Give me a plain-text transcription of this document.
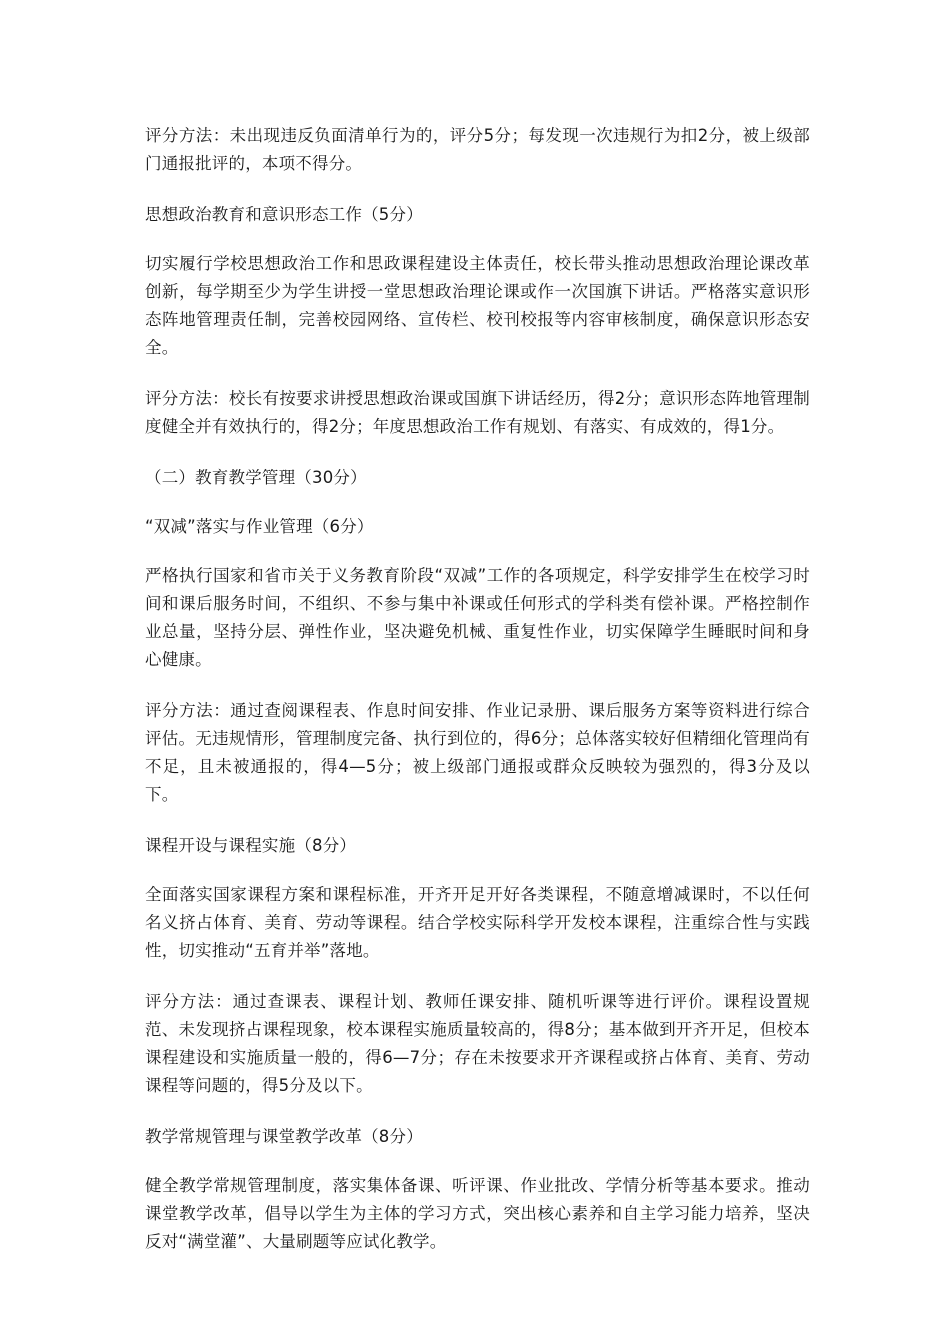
评分方法：未出现违反负面清单行为的，评分5分；每发现一次违规行为扣2分，被上级部门通报批评的，本项不得分。

思想政治教育和意识形态工作（5分）

切实履行学校思想政治工作和思政课程建设主体责任，校长带头推动思想政治理论课改革创新，每学期至少为学生讲授一堂思想政治理论课或作一次国旗下讲话。严格落实意识形态阵地管理责任制，完善校园网络、宣传栏、校刊校报等内容审核制度，确保意识形态安全。

评分方法：校长有按要求讲授思想政治课或国旗下讲话经历，得2分；意识形态阵地管理制度健全并有效执行的，得2分；年度思想政治工作有规划、有落实、有成效的，得1分。

（二）教育教学管理（30分）

“双减”落实与作业管理（6分）

严格执行国家和省市关于义务教育阶段“双减”工作的各项规定，科学安排学生在校学习时间和课后服务时间，不组织、不参与集中补课或任何形式的学科类有偿补课。严格控制作业总量，坚持分层、弹性作业，坚决避免机械、重复性作业，切实保障学生睡眠时间和身心健康。

评分方法：通过查阅课程表、作息时间安排、作业记录册、课后服务方案等资料进行综合评估。无违规情形，管理制度完备、执行到位的，得6分；总体落实较好但精细化管理尚有不足，且未被通报的，得4—5分；被上级部门通报或群众反映较为强烈的，得3分及以下。

课程开设与课程实施（8分）

全面落实国家课程方案和课程标准，开齐开足开好各类课程，不随意增减课时，不以任何名义挤占体育、美育、劳动等课程。结合学校实际科学开发校本课程，注重综合性与实践性，切实推动“五育并举”落地。

评分方法：通过查课表、课程计划、教师任课安排、随机听课等进行评价。课程设置规范、未发现挤占课程现象，校本课程实施质量较高的，得8分；基本做到开齐开足，但校本课程建设和实施质量一般的，得6—7分；存在未按要求开齐课程或挤占体育、美育、劳动课程等问题的，得5分及以下。

教学常规管理与课堂教学改革（8分）

健全教学常规管理制度，落实集体备课、听评课、作业批改、学情分析等基本要求。推动课堂教学改革，倡导以学生为主体的学习方式，突出核心素养和自主学习能力培养，坚决反对“满堂灌”、大量刷题等应试化教学。
